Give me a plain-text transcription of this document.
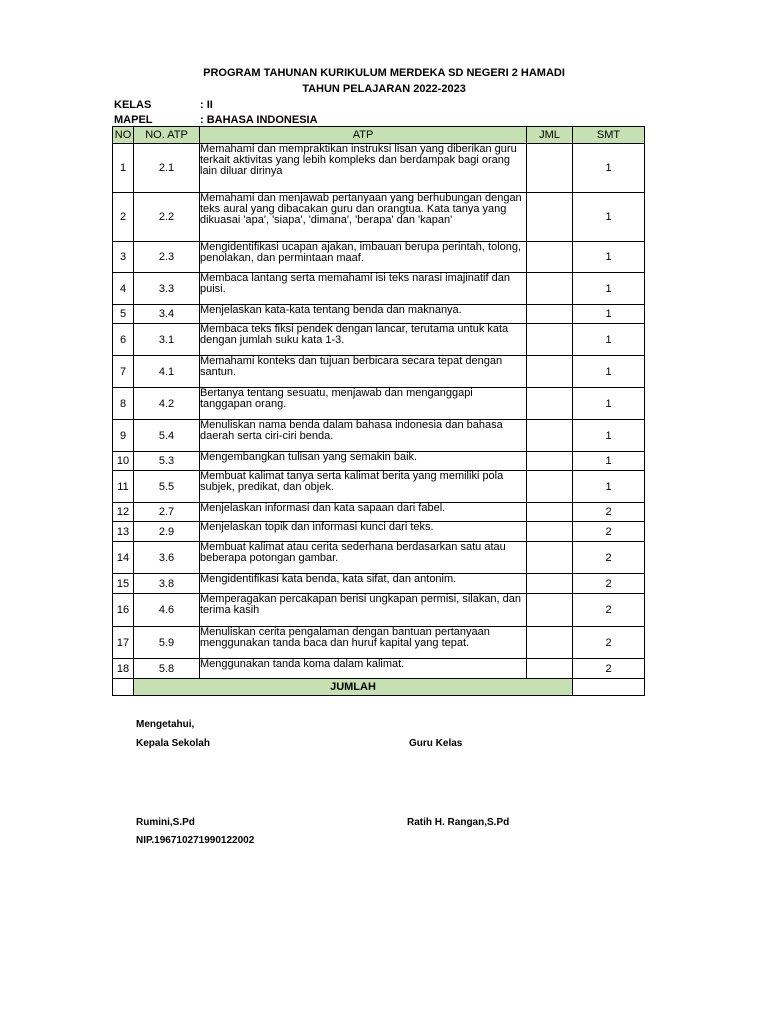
PROGRAM TAHUNAN KURIKULUM MERDEKA SD NEGERI 2 HAMADI
TAHUN PELAJARAN 2022-2023
KELAS	: II
MAPEL	: BAHASA INDONESIA
NO	NO. ATP	ATP	JML	SMT
1	2.1	Memahami dan mempraktikan instruksi lisan yang diberikan guru terkait aktivitas yang lebih kompleks dan berdampak bagi orang lain diluar dirinya		1
2	2.2	Memahami dan menjawab pertanyaan yang berhubungan dengan teks aural yang dibacakan guru dan orangtua. Kata tanya yang dikuasai 'apa', 'siapa', 'dimana', 'berapa' dan 'kapan'		1
3	2.3	Mengidentifikasi ucapan ajakan, imbauan berupa perintah, tolong, penolakan, dan permintaan maaf.		1
4	3.3	Membaca lantang serta memahami isi teks narasi imajinatif dan puisi.		1
5	3.4	Menjelaskan kata-kata tentang benda dan maknanya.		1
6	3.1	Membaca teks fiksi pendek dengan lancar, terutama untuk kata dengan jumlah suku kata 1-3.		1
7	4.1	Memahami konteks dan tujuan berbicara secara tepat dengan santun.		1
8	4.2	Bertanya tentang sesuatu, menjawab dan menganggapi tanggapan orang.		1
9	5.4	Menuliskan nama benda dalam bahasa indonesia dan bahasa daerah serta ciri-ciri benda.		1
10	5.3	Mengembangkan tulisan yang semakin baik.		1
11	5.5	Membuat kalimat tanya serta kalimat berita yang memiliki pola subjek, predikat, dan objek.		1
12	2.7	Menjelaskan informasi dan kata sapaan dari fabel.		2
13	2.9	Menjelaskan topik dan informasi kunci dari teks.		2
14	3.6	Membuat kalimat atau cerita sederhana berdasarkan satu atau beberapa potongan gambar.		2
15	3.8	Mengidentifikasi kata benda, kata sifat, dan antonim.		2
16	4.6	Memperagakan percakapan berisi ungkapan permisi, silakan, dan terima kasih		2
17	5.9	Menuliskan cerita pengalaman dengan bantuan pertanyaan menggunakan tanda baca dan huruf kapital yang tepat.		2
18	5.8	Menggunakan tanda koma dalam kalimat.		2
	JUMLAH			
Mengetahui,
Kepala Sekolah	Guru Kelas
Rumini,S.Pd	Ratih H. Rangan,S.Pd
NIP.196710271990122002
